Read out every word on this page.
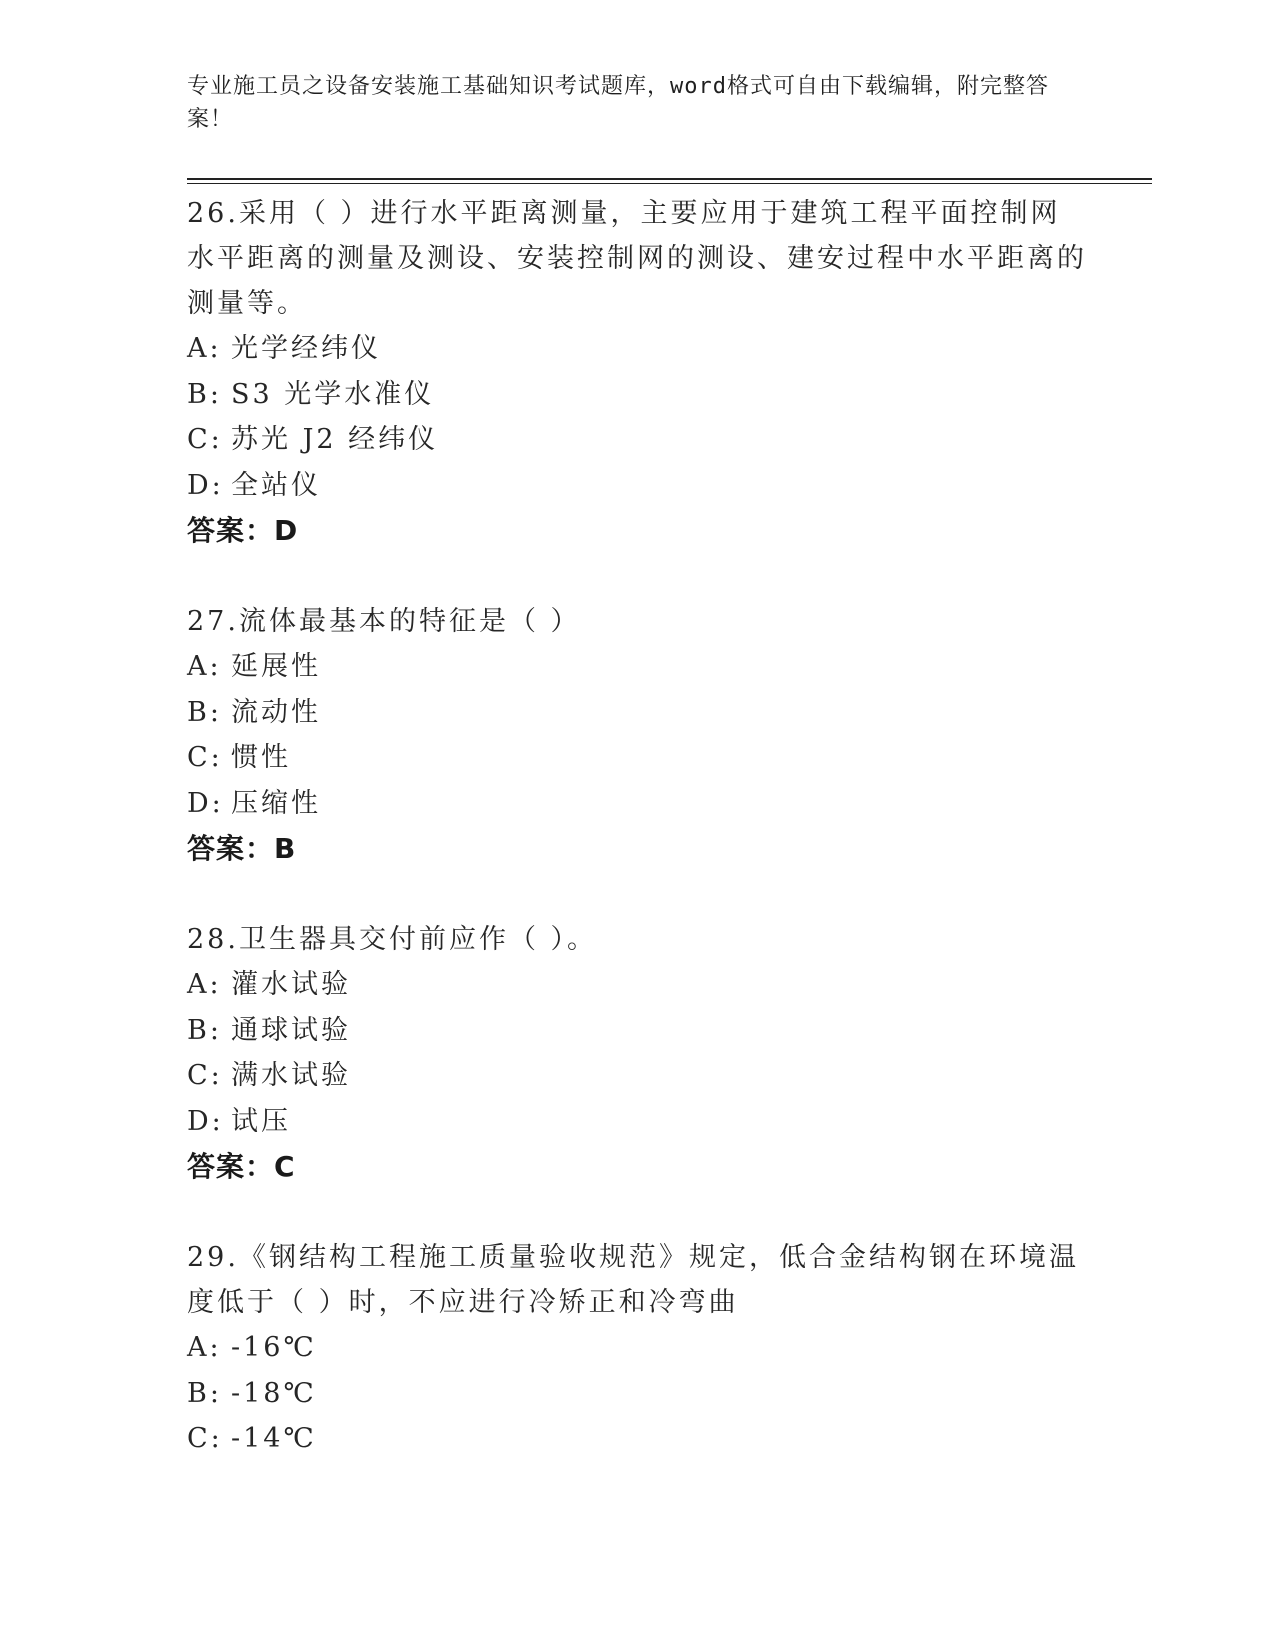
专业施工员之设备安装施工基础知识考试题库，word格式可自由下载编辑，附完整答案！
26.采用（ ）进行水平距离测量，主要应用于建筑工程平面控制网水平距离的测量及测设、安装控制网的测设、建安过程中水平距离的测量等。
A: 光学经纬仪
B: S3 光学水准仪
C: 苏光 J2 经纬仪
D: 全站仪
答案：D
27.流体最基本的特征是（ ）
A: 延展性
B: 流动性
C: 惯性
D: 压缩性
答案：B
28.卫生器具交付前应作（ ）。
A: 灌水试验
B: 通球试验
C: 满水试验
D: 试压
答案：C
29.《钢结构工程施工质量验收规范》规定，低合金结构钢在环境温度低于（ ）时，不应进行冷矫正和冷弯曲
A: -16℃
B: -18℃
C: -14℃
